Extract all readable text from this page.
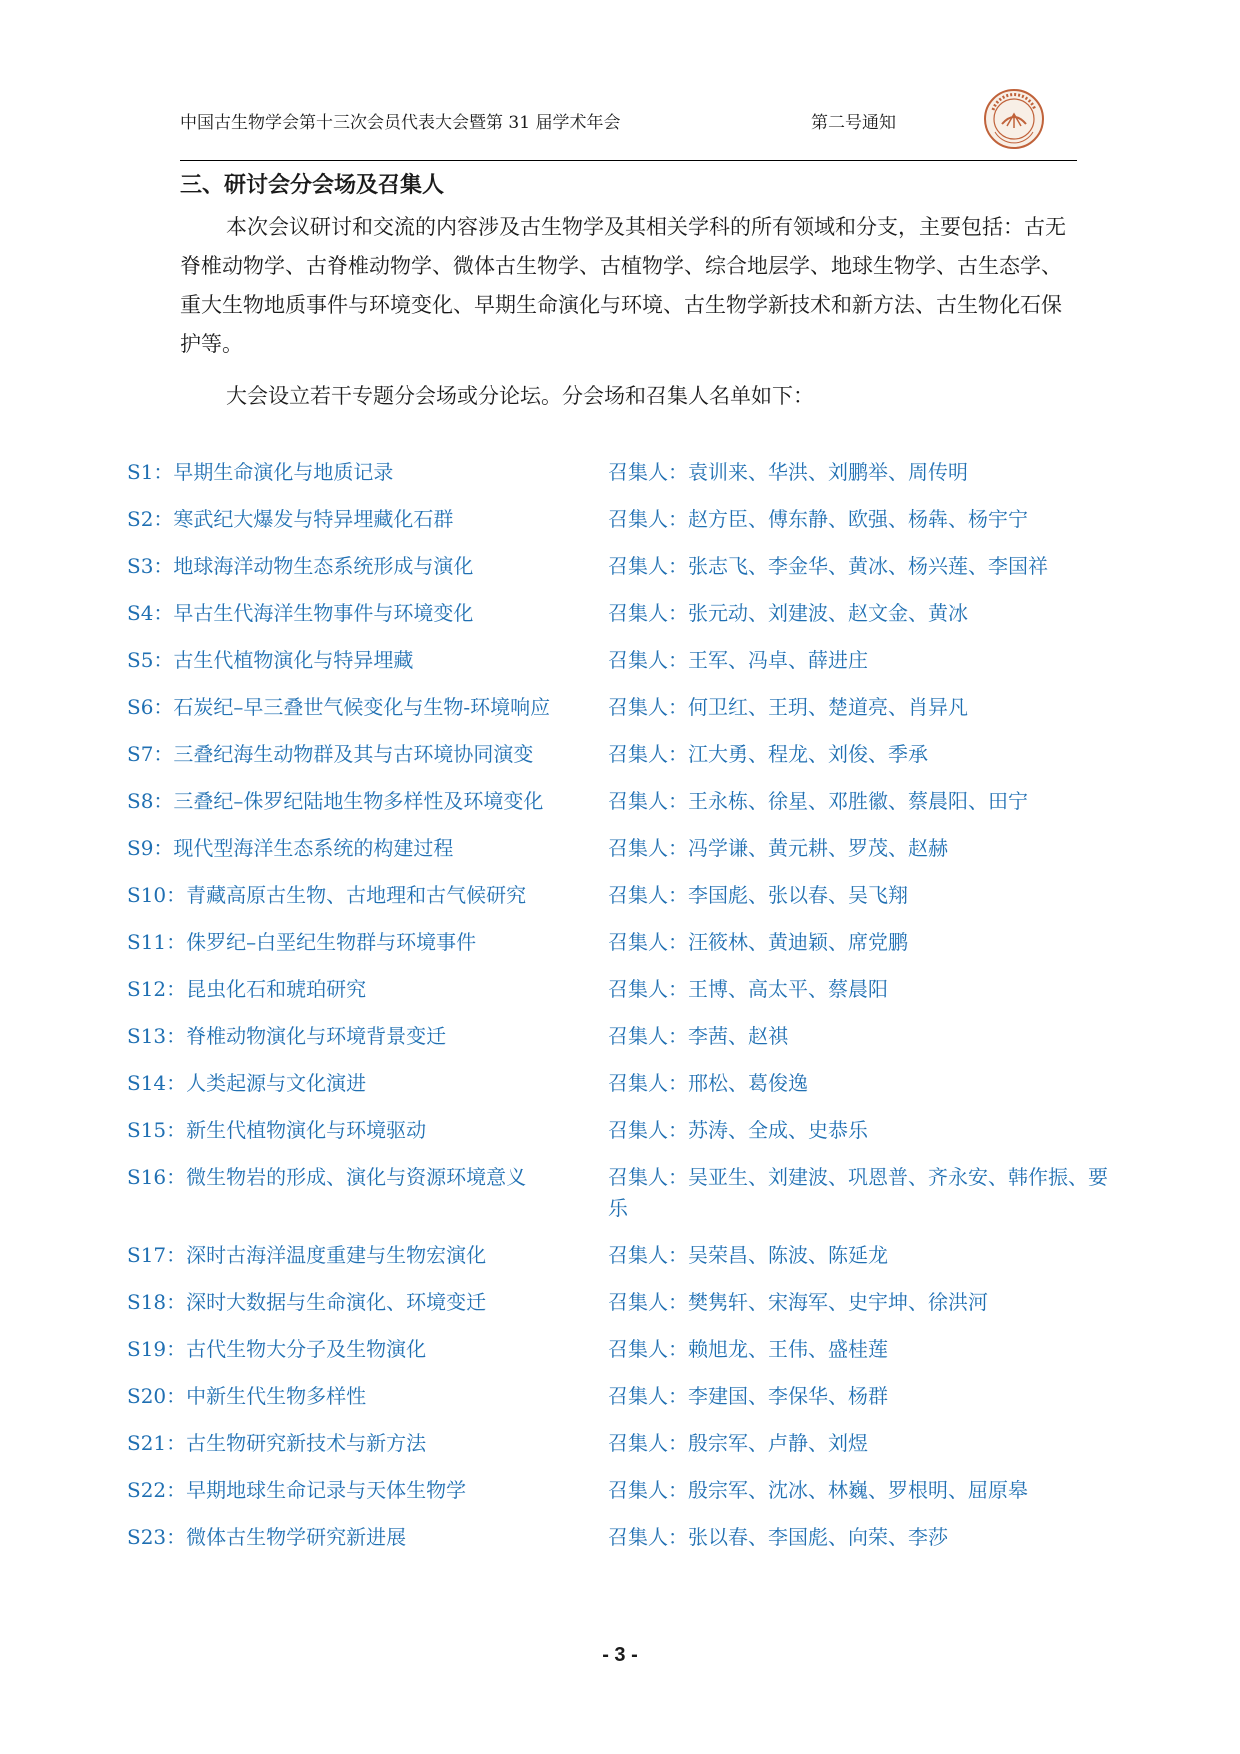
中国古生物学会第十三次会员代表大会暨第 31 届学术年会	第二号通知
三、研讨会分会场及召集人
本次会议研讨和交流的内容涉及古生物学及其相关学科的所有领域和分支，主要包括：古无脊椎动物学、古脊椎动物学、微体古生物学、古植物学、综合地层学、地球生物学、古生态学、重大生物地质事件与环境变化、早期生命演化与环境、古生物学新技术和新方法、古生物化石保护等。
大会设立若干专题分会场或分论坛。分会场和召集人名单如下：
S1：早期生命演化与地质记录	召集人：袁训来、华洪、刘鹏举、周传明
S2：寒武纪大爆发与特异埋藏化石群	召集人：赵方臣、傅东静、欧强、杨犇、杨宇宁
S3：地球海洋动物生态系统形成与演化	召集人：张志飞、李金华、黄冰、杨兴莲、李国祥
S4：早古生代海洋生物事件与环境变化	召集人：张元动、刘建波、赵文金、黄冰
S5：古生代植物演化与特异埋藏	召集人：王军、冯卓、薛进庄
S6：石炭纪–早三叠世气候变化与生物-环境响应	召集人：何卫红、王玥、楚道亮、肖异凡
S7：三叠纪海生动物群及其与古环境协同演变	召集人：江大勇、程龙、刘俊、季承
S8：三叠纪–侏罗纪陆地生物多样性及环境变化	召集人：王永栋、徐星、邓胜徽、蔡晨阳、田宁
S9：现代型海洋生态系统的构建过程	召集人：冯学谦、黄元耕、罗茂、赵赫
S10：青藏高原古生物、古地理和古气候研究	召集人：李国彪、张以春、吴飞翔
S11：侏罗纪–白垩纪生物群与环境事件	召集人：汪筱林、黄迪颖、席党鹏
S12：昆虫化石和琥珀研究	召集人：王博、高太平、蔡晨阳
S13：脊椎动物演化与环境背景变迁	召集人：李茜、赵祺
S14：人类起源与文化演进	召集人：邢松、葛俊逸
S15：新生代植物演化与环境驱动	召集人：苏涛、全成、史恭乐
S16：微生物岩的形成、演化与资源环境意义	召集人：吴亚生、刘建波、巩恩普、齐永安、韩作振、要乐
S17：深时古海洋温度重建与生物宏演化	召集人：吴荣昌、陈波、陈延龙
S18：深时大数据与生命演化、环境变迁	召集人：樊隽轩、宋海军、史宇坤、徐洪河
S19：古代生物大分子及生物演化	召集人：赖旭龙、王伟、盛桂莲
S20：中新生代生物多样性	召集人：李建国、李保华、杨群
S21：古生物研究新技术与新方法	召集人：殷宗军、卢静、刘煜
S22：早期地球生命记录与天体生物学	召集人：殷宗军、沈冰、林巍、罗根明、屈原皋
S23：微体古生物学研究新进展	召集人：张以春、李国彪、向荣、李莎
- 3 -
